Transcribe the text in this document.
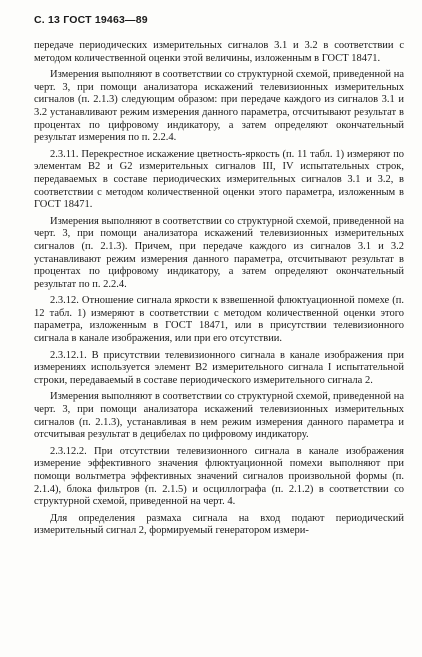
С. 13 ГОСТ 19463—89

передаче периодических измерительных сигналов 3.1 и 3.2 в соответствии с методом количественной оценки этой величины, изложенным в ГОСТ 18471.

Измерения выполняют в соответствии со структурной схемой, приведенной на черт. 3, при помощи анализатора искажений телевизионных измерительных сигналов (п. 2.1.3) следующим образом: при передаче каждого из сигналов 3.1 и 3.2 устанавливают режим измерения данного параметра, отсчитывают результат в процентах по цифровому индикатору, а затем определяют окончательный результат измерения по п. 2.2.4.

2.3.11. Перекрестное искажение цветность-яркость (п. 11 табл. 1) измеряют по элементам В2 и G2 измерительных сигналов III, IV испытательных строк, передаваемых в составе периодических измерительных сигналов 3.1 и 3.2, в соответствии с методом количественной оценки этого параметра, изложенным в ГОСТ 18471.

Измерения выполняют в соответствии со структурной схемой, приведенной на черт. 3, при помощи анализатора искажений телевизионных измерительных сигналов (п. 2.1.3). Причем, при передаче каждого из сигналов 3.1 и 3.2 устанавливают режим измерения данного параметра, отсчитывают результат в процентах по цифровому индикатору, а затем определяют окончательный результат по п. 2.2.4.

2.3.12. Отношение сигнала яркости к взвешенной флюктуационной помехе (п. 12 табл. 1) измеряют в соответствии с методом количественной оценки этого параметра, изложенным в ГОСТ 18471, или в присутствии телевизионного сигнала в канале изображения, или при его отсутствии.

2.3.12.1. В присутствии телевизионного сигнала в канале изображения при измерениях используется элемент В2 измерительного сигнала I испытательной строки, передаваемый в составе периодического измерительного сигнала 2.

Измерения выполняют в соответствии со структурной схемой, приведенной на черт. 3, при помощи анализатора искажений телевизионных измерительных сигналов (п. 2.1.3), устанавливая в нем режим измерения данного параметра и отсчитывая результат в децибелах по цифровому индикатору.

2.3.12.2. При отсутствии телевизионного сигнала в канале изображения измерение эффективного значения флюктуационной помехи выполняют при помощи вольтметра эффективных значений сигналов произвольной формы (п. 2.1.4), блока фильтров (п. 2.1.5) и осциллографа (п. 2.1.2) в соответствии со структурной схемой, приведенной на черт. 4.

Для определения размаха сигнала на вход подают периодический измерительный сигнал 2, формируемый генератором измери-
